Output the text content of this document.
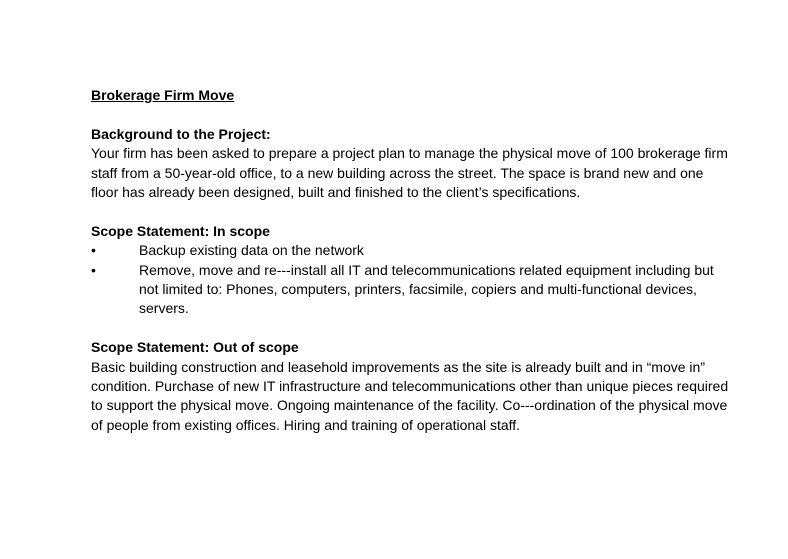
Brokerage Firm Move

Background to the Project:

Your firm has been asked to prepare a project plan to manage the physical move of 100 brokerage firm staff from a 50-year-old office, to a new building across the street. The space is brand new and one floor has already been designed, built and finished to the client’s specifications.

Scope Statement: In scope

•	Backup existing data on the network
•	Remove, move and re---install all IT and telecommunications related equipment including but not limited to: Phones, computers, printers, facsimile, copiers and multi-functional devices, servers.

Scope Statement: Out of scope

Basic building construction and leasehold improvements as the site is already built and in “move in” condition. Purchase of new IT infrastructure and telecommunications other than unique pieces required to support the physical move. Ongoing maintenance of the facility. Co---ordination of the physical move of people from existing offices. Hiring and training of operational staff.
